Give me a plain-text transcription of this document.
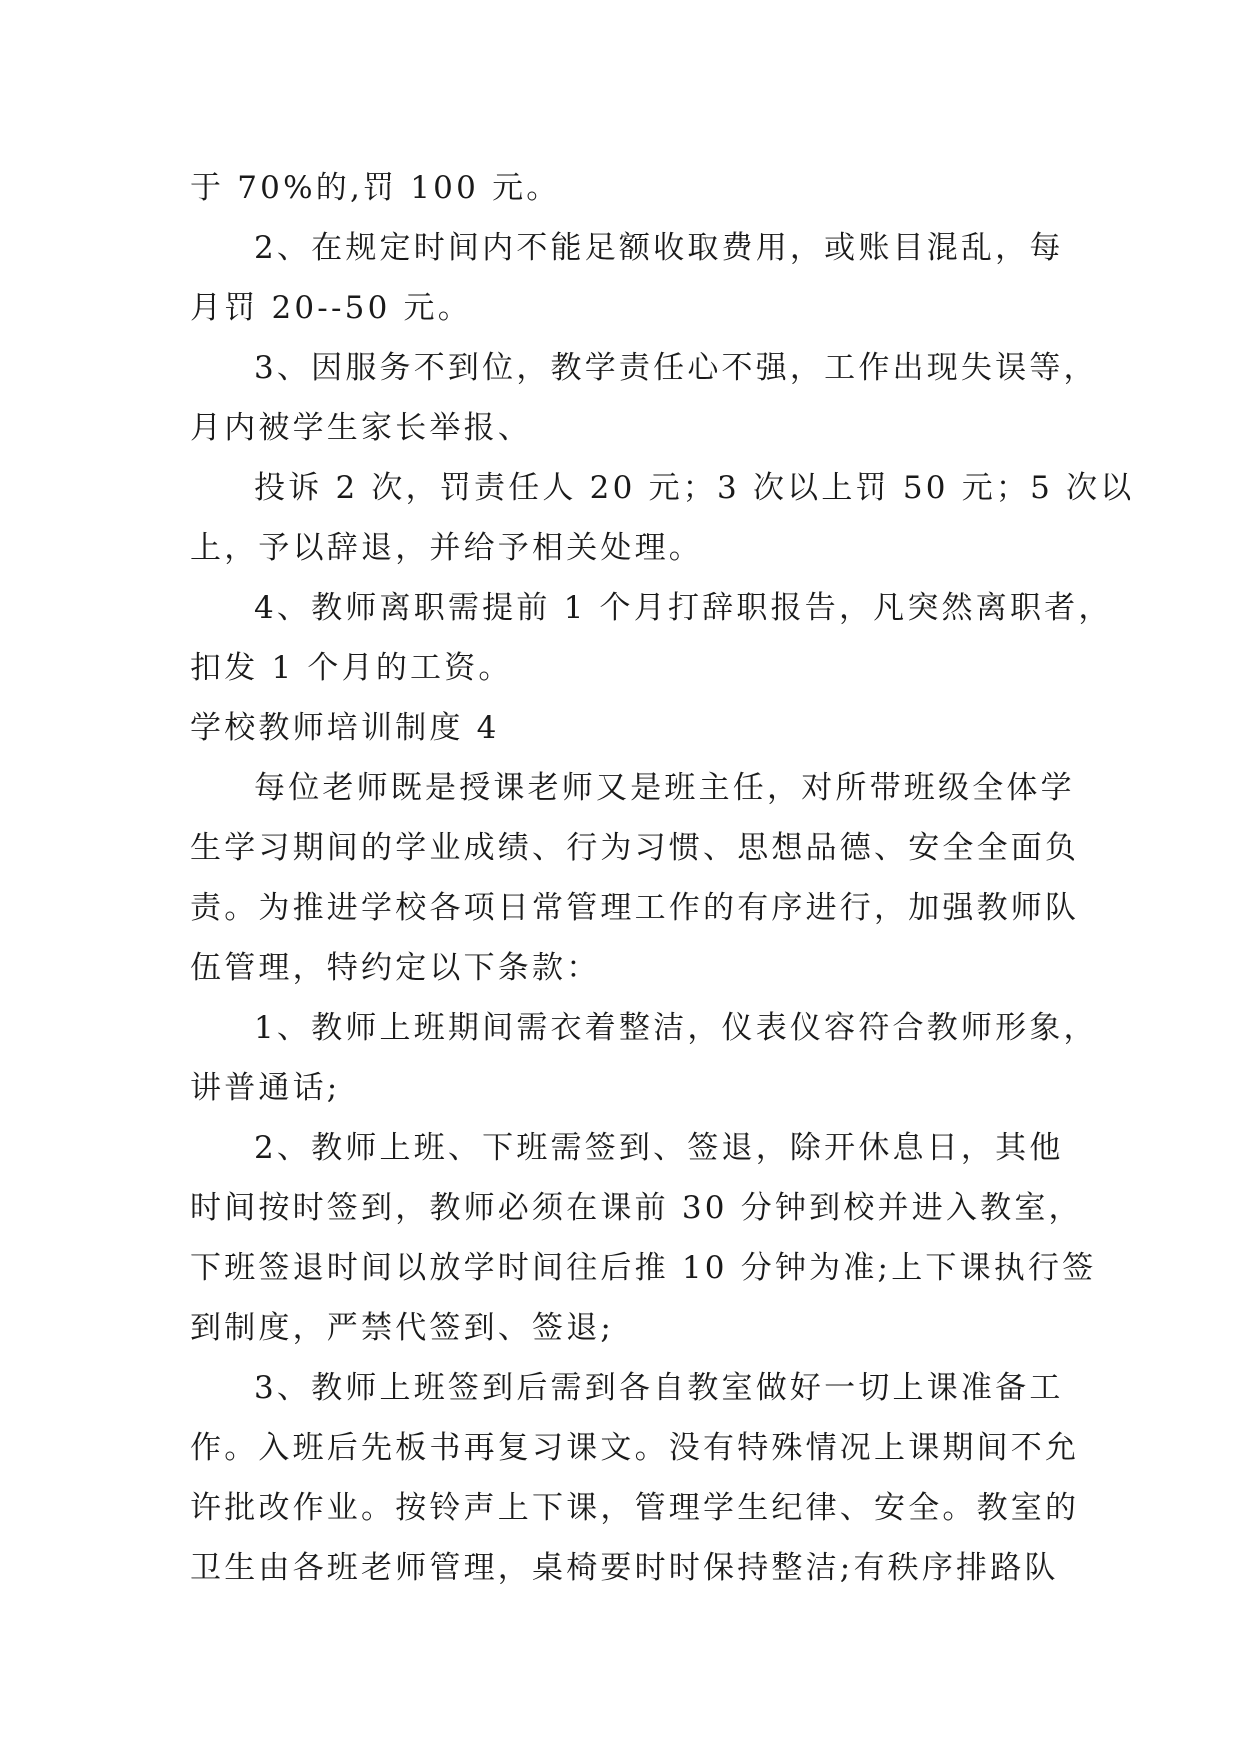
于 70%的,罚 100 元。
2、在规定时间内不能足额收取费用，或账目混乱，每
月罚 20--50 元。
3、因服务不到位，教学责任心不强，工作出现失误等，
月内被学生家长举报、
投诉 2 次，罚责任人 20 元；3 次以上罚 50 元；5 次以
上，予以辞退，并给予相关处理。
4、教师离职需提前 1 个月打辞职报告，凡突然离职者，
扣发 1 个月的工资。
学校教师培训制度 4
每位老师既是授课老师又是班主任，对所带班级全体学
生学习期间的学业成绩、行为习惯、思想品德、安全全面负
责。为推进学校各项日常管理工作的有序进行，加强教师队
伍管理，特约定以下条款：
1、教师上班期间需衣着整洁，仪表仪容符合教师形象，
讲普通话;
2、教师上班、下班需签到、签退，除开休息日，其他
时间按时签到，教师必须在课前 30 分钟到校并进入教室，
下班签退时间以放学时间往后推 10 分钟为准;上下课执行签
到制度，严禁代签到、签退;
3、教师上班签到后需到各自教室做好一切上课准备工
作。入班后先板书再复习课文。没有特殊情况上课期间不允
许批改作业。按铃声上下课，管理学生纪律、安全。教室的
卫生由各班老师管理，桌椅要时时保持整洁;有秩序排路队
